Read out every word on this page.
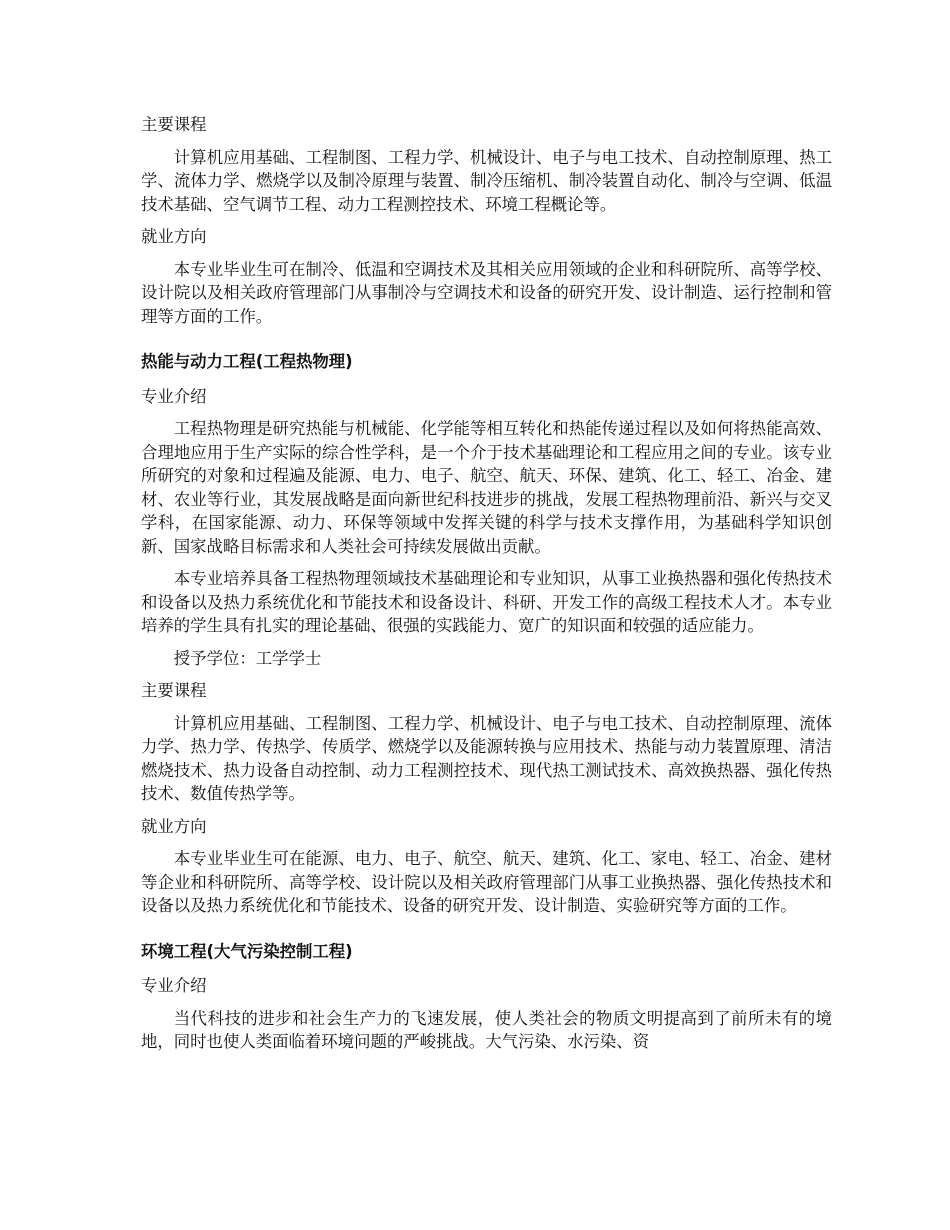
主要课程
计算机应用基础、工程制图、工程力学、机械设计、电子与电工技术、自动控制原理、热工学、流体力学、燃烧学以及制冷原理与装置、制冷压缩机、制冷装置自动化、制冷与空调、低温技术基础、空气调节工程、动力工程测控技术、环境工程概论等。
就业方向
本专业毕业生可在制冷、低温和空调技术及其相关应用领域的企业和科研院所、高等学校、设计院以及相关政府管理部门从事制冷与空调技术和设备的研究开发、设计制造、运行控制和管理等方面的工作。
热能与动力工程(工程热物理)
专业介绍
工程热物理是研究热能与机械能、化学能等相互转化和热能传递过程以及如何将热能高效、合理地应用于生产实际的综合性学科，是一个介于技术基础理论和工程应用之间的专业。该专业所研究的对象和过程遍及能源、电力、电子、航空、航天、环保、建筑、化工、轻工、冶金、建材、农业等行业，其发展战略是面向新世纪科技进步的挑战，发展工程热物理前沿、新兴与交叉学科，在国家能源、动力、环保等领域中发挥关键的科学与技术支撑作用，为基础科学知识创新、国家战略目标需求和人类社会可持续发展做出贡献。
本专业培养具备工程热物理领域技术基础理论和专业知识，从事工业换热器和强化传热技术和设备以及热力系统优化和节能技术和设备设计、科研、开发工作的高级工程技术人才。本专业培养的学生具有扎实的理论基础、很强的实践能力、宽广的知识面和较强的适应能力。
授予学位：工学学士
主要课程
计算机应用基础、工程制图、工程力学、机械设计、电子与电工技术、自动控制原理、流体力学、热力学、传热学、传质学、燃烧学以及能源转换与应用技术、热能与动力装置原理、清洁燃烧技术、热力设备自动控制、动力工程测控技术、现代热工测试技术、高效换热器、强化传热技术、数值传热学等。
就业方向
本专业毕业生可在能源、电力、电子、航空、航天、建筑、化工、家电、轻工、冶金、建材等企业和科研院所、高等学校、设计院以及相关政府管理部门从事工业换热器、强化传热技术和设备以及热力系统优化和节能技术、设备的研究开发、设计制造、实验研究等方面的工作。
环境工程(大气污染控制工程)
专业介绍
当代科技的进步和社会生产力的飞速发展，使人类社会的物质文明提高到了前所未有的境地，同时也使人类面临着环境问题的严峻挑战。大气污染、水污染、资
